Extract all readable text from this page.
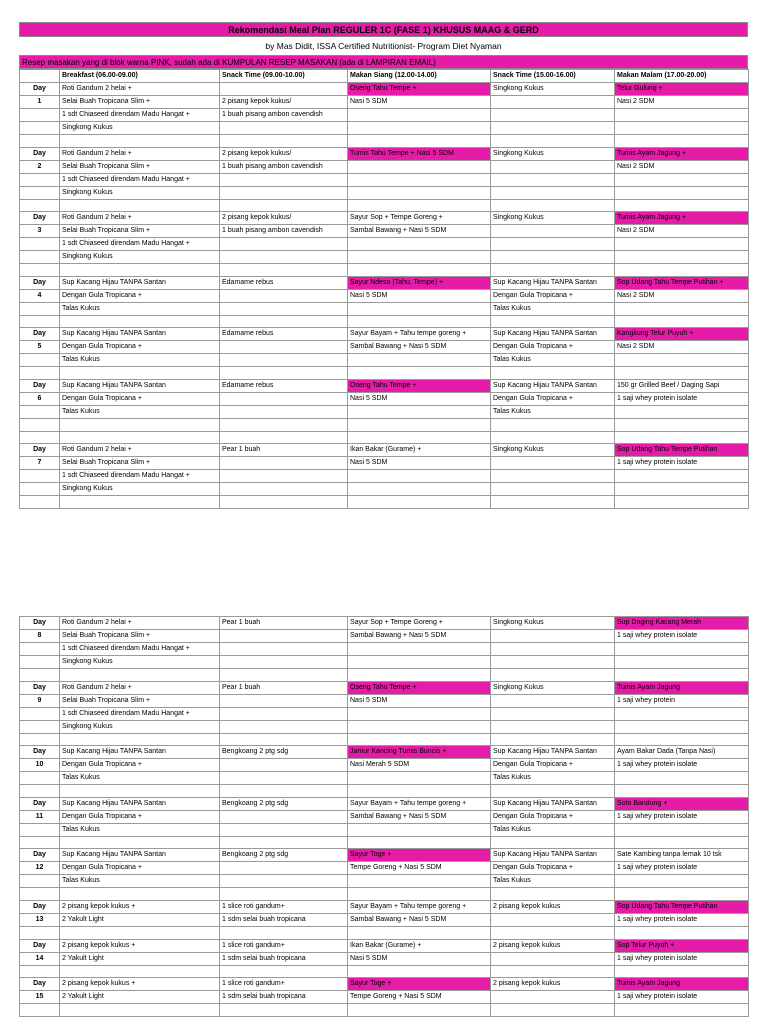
Rekomendasi Meal Plan REGULER 1C (FASE 1) KHUSUS MAAG & GERD
by Mas Didit, ISSA Certified Nutritionist- Program Diet Nyaman
Resep masakan yang di blok warna PINK, sudah ada di KUMPULAN RESEP MASAKAN (ada di LAMPIRAN EMAIL)
	Breakfast (06.00-09.00)	Snack Time (09.00-10.00)	Makan Siang (12.00-14.00)	Snack Time (15.00-16.00)	Makan Malam (17.00-20.00)
Day	Roti Gandum 2 helai +		Oseng Tahu Tempe +	Singkong Kukus	Telur Gulung +
1	Selai Buah Tropicana Slim +	2 pisang kepok kukus/	Nasi 5 SDM		Nasi 2 SDM
	1 sdt Chiaseed direndam Madu Hangat +	1 buah pisang ambon cavendish			
	Singkong Kukus				

Day	Roti Gandum 2 helai +	2 pisang kepok kukus/	Tumis Tahu Tempe + Nasi 5 SDM	Singkong Kukus	Tumis Ayam Jagung +
2	Selai Buah Tropicana Slim +	1 buah pisang ambon cavendish			Nasi 2 SDM
	1 sdt Chiaseed direndam Madu Hangat +				
	Singkong Kukus				

Day	Roti Gandum 2 helai +	2 pisang kepok kukus/	Sayur Sop + Tempe Goreng +	Singkong Kukus	Tumis Ayam Jagung +
3	Selai Buah Tropicana Slim +	1 buah pisang ambon cavendish	Sambal Bawang + Nasi 5 SDM		Nasi 2 SDM
	1 sdt Chiaseed direndam Madu Hangat +				
	Singkong Kukus				

Day	Sup Kacang Hijau TANPA Santan	Edamame rebus	Sayur Ndeso (Tahu, Tempe) +	Sup Kacang Hijau TANPA Santan	Sop Udang Tahu Tempe Putihan +
4	Dengan Gula Tropicana +		Nasi 5 SDM	Dengan Gula Tropicana +	Nasi 2 SDM
	Talas Kukus			Talas Kukus	

Day	Sup Kacang Hijau TANPA Santan	Edamame rebus	Sayur Bayam + Tahu tempe goreng +	Sup Kacang Hijau TANPA Santan	Kangkung Telur Puyuh +
5	Dengan Gula Tropicana +		Sambal Bawang + Nasi 5 SDM	Dengan Gula Tropicana +	Nasi 2 SDM
	Talas Kukus			Talas Kukus	

Day	Sup Kacang Hijau TANPA Santan	Edamame rebus	Oseng Tahu Tempe +	Sup Kacang Hijau TANPA Santan	150 gr Grilled Beef / Daging Sapi
6	Dengan Gula Tropicana +		Nasi 5 SDM	Dengan Gula Tropicana +	1 saji whey protein isolate
	Talas Kukus			Talas Kukus	

Day	Roti Gandum 2 helai +	Pear 1 buah	Ikan Bakar (Gurame) +	Singkong Kukus	Sop Udang Tahu Tempe Putihan
7	Selai Buah Tropicana Slim +		Nasi 5 SDM		1 saji whey protein isolate
	1 sdt Chiaseed direndam Madu Hangat +				
	Singkong Kukus				

Day	Roti Gandum 2 helai +	Pear 1 buah	Sayur Sop + Tempe Goreng +	Singkong Kukus	Sup Daging Kacang Merah
8	Selai Buah Tropicana Slim +		Sambal Bawang + Nasi 5 SDM		1 saji whey protein isolate
	1 sdt Chiaseed direndam Madu Hangat +				
	Singkong Kukus				

Day	Roti Gandum 2 helai +	Pear 1 buah	Oseng Tahu Tempe +	Singkong Kukus	Tumis Ayam Jagung
9	Selai Buah Tropicana Slim +		Nasi 5 SDM		1 saji whey protein
	1 sdt Chiaseed direndam Madu Hangat +				
	Singkong Kukus				

Day	Sup Kacang Hijau TANPA Santan	Bengkoang 2 ptg sdg	Jamur Kancing Tumis Buncis +	Sup Kacang Hijau TANPA Santan	Ayam Bakar Dada (Tanpa Nasi)
10	Dengan Gula Tropicana +		Nasi Merah 5 SDM	Dengan Gula Tropicana +	1 saji whey protein isolate
	Talas Kukus			Talas Kukus	

Day	Sup Kacang Hijau TANPA Santan	Bengkoang 2 ptg sdg	Sayur Bayam + Tahu tempe goreng +	Sup Kacang Hijau TANPA Santan	Soto Bandung +
11	Dengan Gula Tropicana +		Sambal Bawang + Nasi 5 SDM	Dengan Gula Tropicana +	1 saji whey protein isolate
	Talas Kukus			Talas Kukus	

Day	Sup Kacang Hijau TANPA Santan	Bengkoang 2 ptg sdg	Sayur Toge +	Sup Kacang Hijau TANPA Santan	Sate Kambing tanpa lemak 10 tsk
12	Dengan Gula Tropicana +		Tempe Goreng + Nasi 5 SDM	Dengan Gula Tropicana +	1 saji whey protein isolate
	Talas Kukus			Talas Kukus	

Day	2 pisang kepok kukus +	1 slice roti gandum+	Sayur Bayam + Tahu tempe goreng +	2 pisang kepok kukus	Sop Udang Tahu Tempe Putihan
13	2 Yakult Light	1 sdm selai buah tropicana	Sambal Bawang + Nasi 5 SDM		1 saji whey protein isolate

Day	2 pisang kepok kukus +	1 slice roti gandum+	Ikan Bakar (Gurame) +	2 pisang kepok kukus	Sop Telur Puyuh +
14	2 Yakult Light	1 sdm selai buah tropicana	Nasi 5 SDM		1 saji whey protein isolate

Day	2 pisang kepok kukus +	1 slice roti gandum+	Sayur Toge +	2 pisang kepok kukus	Tumis Ayam Jagung
15	2 Yakult Light	1 sdm selai buah tropicana	Tempe Goreng + Nasi 5 SDM		1 saji whey protein isolate
